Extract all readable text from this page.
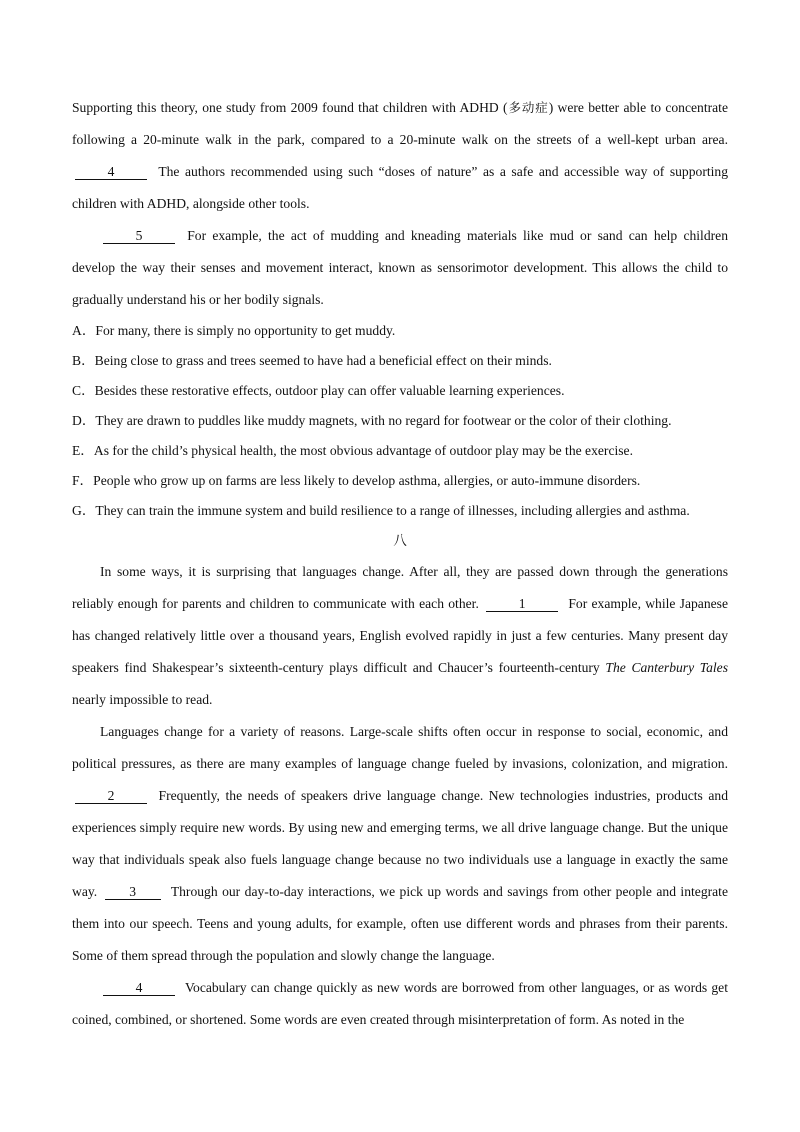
Supporting this theory, one study from 2009 found that children with ADHD (多动症) were better able to concentrate following a 20-minute walk in the park, compared to a 20-minute walk on the streets of a well-kept urban area. 4	The authors recommended using such “doses of nature” as a safe and accessible way of supporting children with ADHD, alongside other tools.

5	For example, the act of mudding and kneading materials like mud or sand can help children develop the way their senses and movement interact, known as sensorimotor development. This allows the child to gradually understand his or her bodily signals.

A．For many, there is simply no opportunity to get muddy.
B．Being close to grass and trees seemed to have had a beneficial effect on their minds.
C．Besides these restorative effects, outdoor play can offer valuable learning experiences.
D．They are drawn to puddles like muddy magnets, with no regard for footwear or the color of their clothing.
E．As for the child’s physical health, the most obvious advantage of outdoor play may be the exercise.
F．People who grow up on farms are less likely to develop asthma, allergies, or auto-immune disorders.
G．They can train the immune system and build resilience to a range of illnesses, including allergies and asthma.

八

In some ways, it is surprising that languages change. After all, they are passed down through the generations reliably enough for parents and children to communicate with each other.	1	For example, while Japanese has changed relatively little over a thousand years, English evolved rapidly in just a few centuries. Many present day speakers find Shakespear’s sixteenth-century plays difficult and Chaucer’s fourteenth-century The Canterbury Tales nearly impossible to read.

Languages change for a variety of reasons. Large-scale shifts often occur in response to social, economic, and political pressures, as there are many examples of language change fueled by invasions, colonization, and migration. 2	Frequently, the needs of speakers drive language change. New technologies industries, products and experiences simply require new words. By using new and emerging terms, we all drive language change. But the unique way that individuals speak also fuels language change because no two individuals use a language in exactly the same way. 3	Through our day-to-day interactions, we pick up words and savings from other people and integrate them into our speech. Teens and young adults, for example, often use different words and phrases from their parents. Some of them spread through the population and slowly change the language.

4	Vocabulary can change quickly as new words are borrowed from other languages, or as words get coined, combined, or shortened. Some words are even created through misinterpretation of form. As noted in the
